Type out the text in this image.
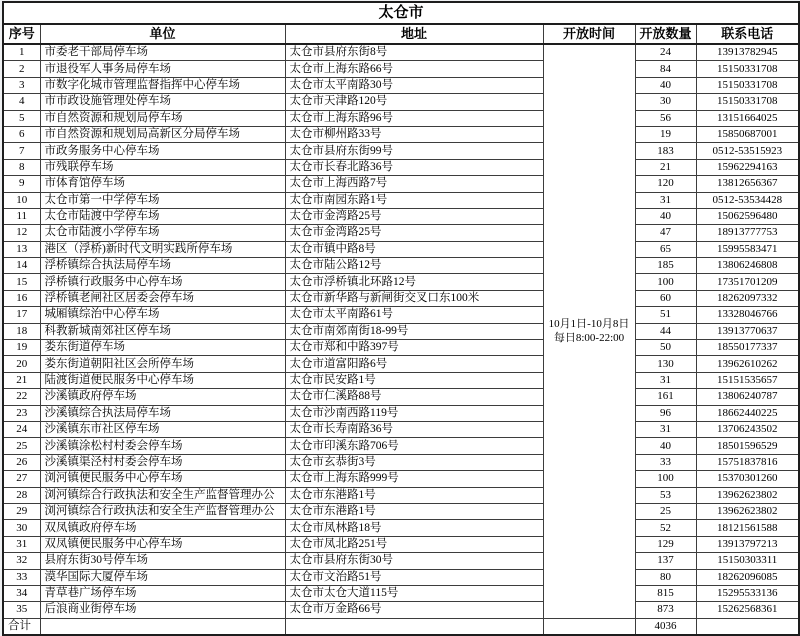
太仓市					
序号	单位	地址	开放时间	开放数量	联系电话
1	市委老干部局停车场	太仓市县府东街8号	10月1日-10月8日
每日8:00-22:00	24	13913782945
2	市退役军人事务局停车场	太仓市上海东路66号		84	15150331708
3	市数字化城市管理监督指挥中心停车场	太仓市太平南路30号		40	15150331708
4	市市政设施管理处停车场	太仓市天津路120号		30	15150331708
5	市自然资源和规划局停车场	太仓市上海东路96号		56	13151664025
6	市自然资源和规划局高新区分局停车场	太仓市柳州路33号		19	15850687001
7	市政务服务中心停车场	太仓市县府东街99号		183	0512-53515923
8	市残联停车场	太仓市长春北路36号		21	15962294163
9	市体育馆停车场	太仓市上海西路7号		120	13812656367
10	太仓市第一中学停车场	太仓市南园东路1号		31	0512-53534428
11	太仓市陆渡中学停车场	太仓市金湾路25号		40	15062596480
12	太仓市陆渡小学停车场	太仓市金湾路25号		47	18913777753
13	港区（浮桥)新时代文明实践所停车场	太仓市镇中路8号		65	15995583471
14	浮桥镇综合执法局停车场	太仓市陆公路12号		185	13806246808
15	浮桥镇行政服务中心停车场	太仓市浮桥镇北环路12号		100	17351701209
16	浮桥镇老闸社区居委会停车场	太仓市新华路与新闸街交叉口东100米		60	18262097332
17	城厢镇综治中心停车场	太仓市太平南路61号		51	13328046766
18	科教新城南郊社区停车场	太仓市南郊南街18-99号		44	13913770637
19	娄东街道停车场	太仓市郑和中路397号		50	18550177337
20	娄东街道朝阳社区会所停车场	太仓市道富阳路6号		130	13962610262
21	陆渡街道便民服务中心停车场	太仓市民安路1号		31	15151535657
22	沙溪镇政府停车场	太仓市仁溪路88号		161	13806240787
23	沙溪镇综合执法局停车场	太仓市沙南西路119号		96	18662440225
24	沙溪镇东市社区停车场	太仓市长寿南路36号		31	13706243502
25	沙溪镇涂松村村委会停车场	太仓市印溪东路706号		40	18501596529
26	沙溪镇渠泾村村委会停车场	太仓市玄恭街3号		33	15751837816
27	浏河镇便民服务中心停车场	太仓市上海东路999号		100	15370301260
28	浏河镇综合行政执法和安全生产监督管理办公	太仓市东港路1号		53	13962623802
29	浏河镇综合行政执法和安全生产监督管理办公	太仓市东港路1号		25	13962623802
30	双凤镇政府停车场	太仓市凤林路18号		52	18121561588
31	双凤镇便民服务中心停车场	太仓市凤北路251号		129	13913797213
32	县府东街30号停车场	太仓市县府东街30号		137	15150303311
33	漠华国际大厦停车场	太仓市文治路51号		80	18262096085
34	青草巷广场停车场	太仓市太仓大道115号		815	15295533136
35	后浪商业街停车场	太仓市万金路66号		873	15262568361
合计				4036	
